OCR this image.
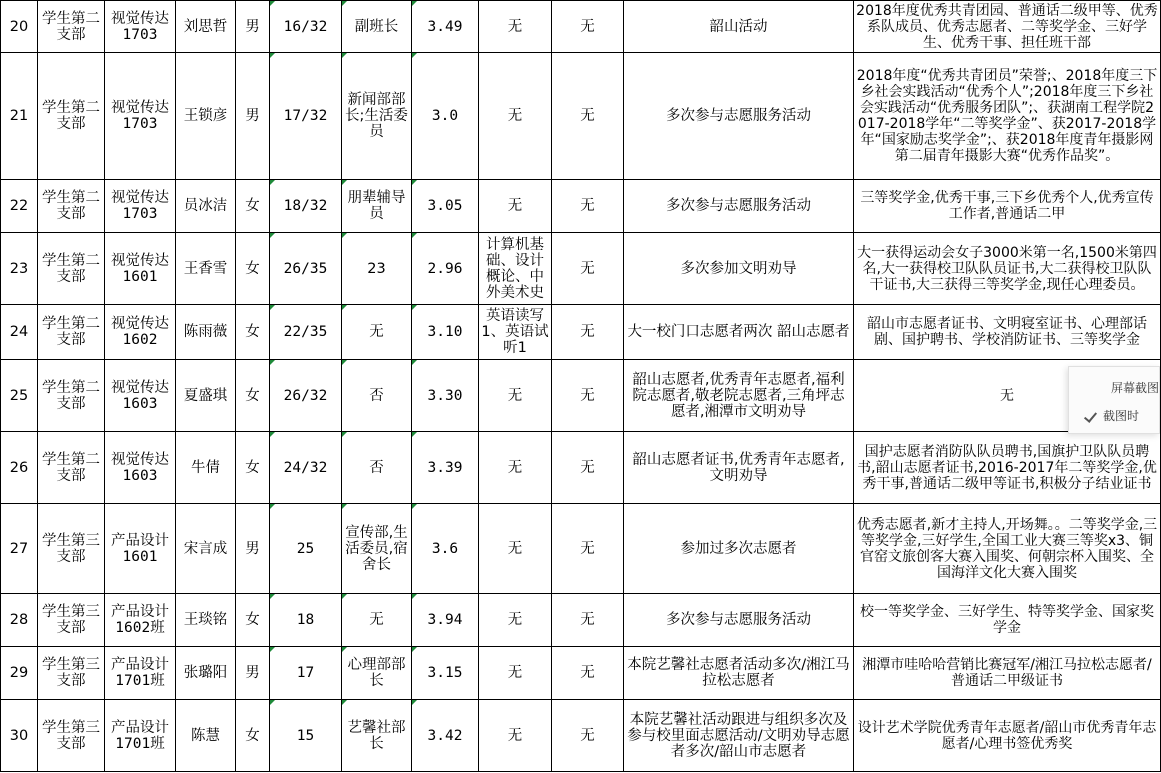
20	学生第二支部	视觉传达1703	刘思哲	男	16/32	副班长	3.49	无	无	韶山活动	2018年度优秀共青团园、普通话二级甲等、优秀系队成员、优秀志愿者、二等奖学金、三好学生、优秀干事、担任班干部
21	学生第二支部	视觉传达1703	王锁彦	男	17/32	新闻部部长;生活委员	3.0	无	无	多次参与志愿服务活动	2018年度“优秀共青团员”荣誉;、2018年度三下乡社会实践活动“优秀个人”;2018年度三下乡社会实践活动“优秀服务团队”;、获湖南工程学院2017-2018学年“二等奖学金”、获2017-2018学年“国家励志奖学金”;、获2018年度青年摄影网第二届青年摄影大赛“优秀作品奖”。
22	学生第二支部	视觉传达1703	员冰洁	女	18/32	朋辈辅导员	3.05	无	无	多次参与志愿服务活动	三等奖学金,优秀干事,三下乡优秀个人,优秀宣传工作者,普通话二甲
23	学生第二支部	视觉传达1601	王香雪	女	26/35	23	2.96	计算机基础、设计概论、中外美术史	无	多次参加文明劝导	大一获得运动会女子3000米第一名,1500米第四名,大一获得校卫队队员证书,大二获得校卫队队干证书,大三获得三等奖学金,现任心理委员。
24	学生第二支部	视觉传达1602	陈雨薇	女	22/35	无	3.10	英语读写1、英语试听1	无	大一校门口志愿者两次 韶山志愿者	韶山市志愿者证书、文明寝室证书、心理部话剧、国护聘书、学校消防证书、三等奖学金
25	学生第二支部	视觉传达1603	夏盛琪	女	26/32	否	3.30	无	无	韶山志愿者,优秀青年志愿者,福利院志愿者,敬老院志愿者,三角坪志愿者,湘潭市文明劝导	无
26	学生第二支部	视觉传达1603	牛倩	女	24/32	否	3.39	无	无	韶山志愿者证书,优秀青年志愿者,文明劝导	国护志愿者消防队队员聘书,国旗护卫队队员聘书,韶山志愿者证书,2016-2017年二等奖学金,优秀干事,普通话二级甲等证书,积极分子结业证书
27	学生第三支部	产品设计1601	宋言成	男	25	宣传部,生活委员,宿舍长	3.6	无	无	参加过多次志愿者	优秀志愿者,新才主持人,开场舞。。二等奖学金,三等奖学金,三好学生,全国工业大赛三等奖x3、铜官窑文旅创客大赛入围奖、何朝宗杯入围奖、全国海洋文化大赛入围奖
28	学生第三支部	产品设计1602班	王琰铭	女	18	无	3.94	无	无	多次参与志愿服务活动	校一等奖学金、三好学生、特等奖学金、国家奖学金
29	学生第三支部	产品设计1701班	张璐阳	男	17	心理部部长	3.15	无	无	本院艺馨社志愿者活动多次/湘江马拉松志愿者	湘潭市哇哈哈营销比赛冠军/湘江马拉松志愿者/普通话二甲级证书
30	学生第三支部	产品设计1701班	陈慧	女	15	艺馨社部长	3.42	无	无	本院艺馨社活动跟进与组织多次及参与校里面志愿活动/文明劝导志愿者多次/韶山市志愿者	设计艺术学院优秀青年志愿者/韶山市优秀青年志愿者/心理书签优秀奖
屏幕截图
截图时
